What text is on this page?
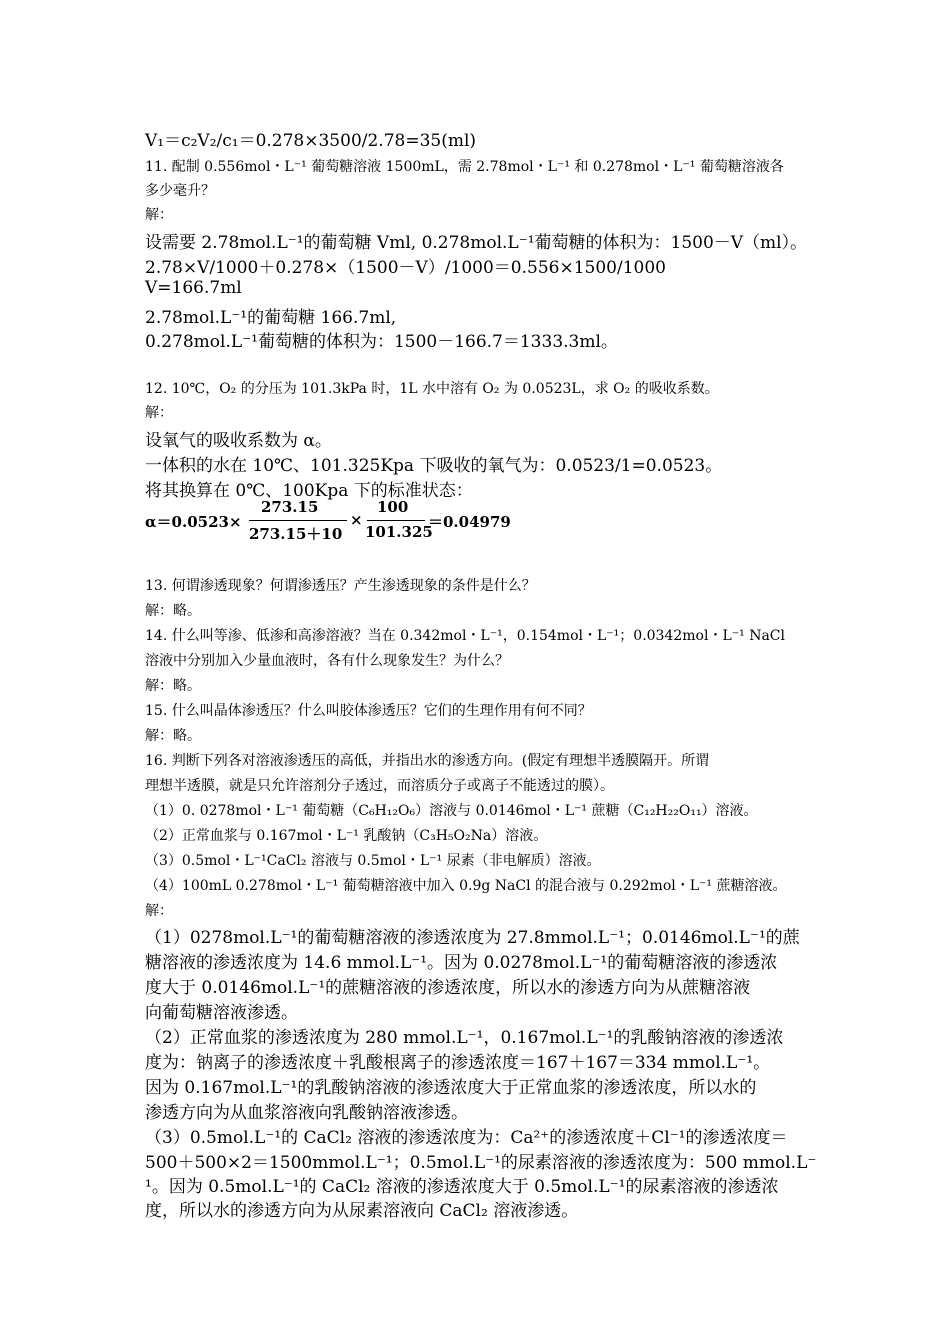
V₁＝c₂V₂/c₁＝0.278×3500/2.78=35(ml)
11. 配制 0.556mol・L⁻¹ 葡萄糖溶液 1500mL，需 2.78mol・L⁻¹ 和 0.278mol・L⁻¹ 葡萄糖溶液各
多少毫升？
解：
设需要 2.78mol.L⁻¹的葡萄糖 Vml, 0.278mol.L⁻¹葡萄糖的体积为：1500－V（ml）。
2.78×V/1000＋0.278×（1500－V）/1000＝0.556×1500/1000
V=166.7ml
2.78mol.L⁻¹的葡萄糖 166.7ml,
0.278mol.L⁻¹葡萄糖的体积为：1500－166.7＝1333.3ml。
12. 10℃，O₂ 的分压为 101.3kPa 时，1L 水中溶有 O₂ 为 0.0523L，求 O₂ 的吸收系数。
解：
设氧气的吸收系数为 α。
一体积的水在 10℃、101.325Kpa 下吸收的氧气为：0.0523/1=0.0523。
将其换算在 0℃、100Kpa 下的标准状态：
α＝0.0523×
273.15
273.15＋10
×
100
101.325
＝0.04979
13. 何谓渗透现象？何谓渗透压？产生渗透现象的条件是什么？
解：略。
14. 什么叫等渗、低渗和高渗溶液？当在 0.342mol・L⁻¹，0.154mol・L⁻¹；0.0342mol・L⁻¹ NaCl
溶液中分别加入少量血液时，各有什么现象发生？为什么？
解：略。
15. 什么叫晶体渗透压？什么叫胶体渗透压？它们的生理作用有何不同？
解：略。
16. 判断下列各对溶液渗透压的高低，并指出水的渗透方向。(假定有理想半透膜隔开。所谓
理想半透膜，就是只允许溶剂分子透过，而溶质分子或离子不能透过的膜）。
（1）0. 0278mol・L⁻¹ 葡萄糖（C₆H₁₂O₆）溶液与 0.0146mol・L⁻¹ 蔗糖（C₁₂H₂₂O₁₁）溶液。
（2）正常血浆与 0.167mol・L⁻¹ 乳酸钠（C₃H₅O₂Na）溶液。
（3）0.5mol・L⁻¹CaCl₂ 溶液与 0.5mol・L⁻¹ 尿素（非电解质）溶液。
（4）100mL 0.278mol・L⁻¹ 葡萄糖溶液中加入 0.9g NaCl 的混合液与 0.292mol・L⁻¹ 蔗糖溶液。
解：
（1）0278mol.L⁻¹的葡萄糖溶液的渗透浓度为 27.8mmol.L⁻¹；0.0146mol.L⁻¹的蔗
糖溶液的渗透浓度为 14.6 mmol.L⁻¹。因为 0.0278mol.L⁻¹的葡萄糖溶液的渗透浓
度大于 0.0146mol.L⁻¹的蔗糖溶液的渗透浓度，所以水的渗透方向为从蔗糖溶液
向葡萄糖溶液渗透。
（2）正常血浆的渗透浓度为 280 mmol.L⁻¹，0.167mol.L⁻¹的乳酸钠溶液的渗透浓
度为：钠离子的渗透浓度＋乳酸根离子的渗透浓度＝167＋167＝334 mmol.L⁻¹。
因为 0.167mol.L⁻¹的乳酸钠溶液的渗透浓度大于正常血浆的渗透浓度，所以水的
渗透方向为从血浆溶液向乳酸钠溶液渗透。
（3）0.5mol.L⁻¹的 CaCl₂ 溶液的渗透浓度为：Ca²⁺的渗透浓度＋Cl⁻¹的渗透浓度＝
500＋500×2＝1500mmol.L⁻¹；0.5mol.L⁻¹的尿素溶液的渗透浓度为：500 mmol.L⁻
¹。因为 0.5mol.L⁻¹的 CaCl₂ 溶液的渗透浓度大于 0.5mol.L⁻¹的尿素溶液的渗透浓
度，所以水的渗透方向为从尿素溶液向 CaCl₂ 溶液渗透。
